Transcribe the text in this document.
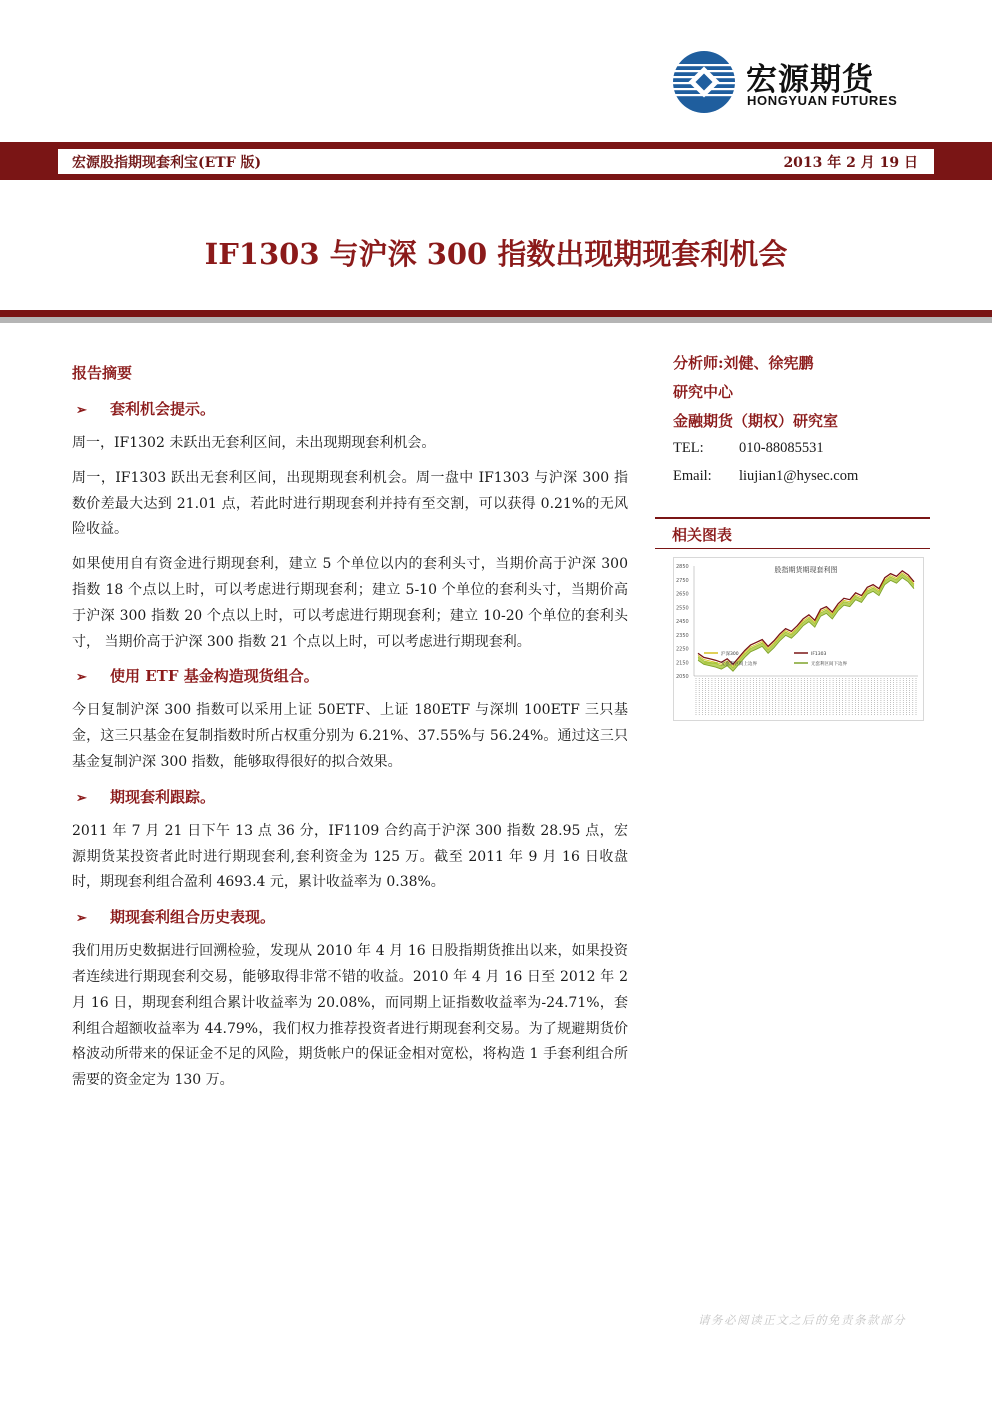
宏源期货
HONGYUAN FUTURES
宏源股指期现套利宝(ETF 版)	2013 年 2 月 19 日
IF1303 与沪深 300 指数出现期现套利机会
报告摘要
➢ 套利机会提示。

周一，IF1302 未跃出无套利区间，未出现期现套利机会。

周一，IF1303 跃出无套利区间，出现期现套利机会。周一盘中 IF1303 与沪深 300 指数价差最大达到 21.01 点，若此时进行期现套利并持有至交割，可以获得 0.21%的无风险收益。

如果使用自有资金进行期现套利，建立 5 个单位以内的套利头寸，当期价高于沪深 300 指数 18 个点以上时，可以考虑进行期现套利；建立 5-10 个单位的套利头寸，当期价高于沪深 300 指数 20 个点以上时，可以考虑进行期现套利；建立 10-20 个单位的套利头寸， 当期价高于沪深 300 指数 21 个点以上时，可以考虑进行期现套利。

➢ 使用 ETF 基金构造现货组合。

今日复制沪深 300 指数可以采用上证 50ETF、上证 180ETF 与深圳 100ETF 三只基金，这三只基金在复制指数时所占权重分别为 6.21%、37.55%与 56.24%。通过这三只基金复制沪深 300 指数，能够取得很好的拟合效果。

➢ 期现套利跟踪。

2011 年 7 月 21 日下午 13 点 36 分，IF1109 合约高于沪深 300 指数 28.95 点，宏源期货某投资者此时进行期现套利,套利资金为 125 万。截至 2011 年 9 月 16 日收盘时，期现套利组合盈利 4693.4 元，累计收益率为 0.38%。

➢ 期现套利组合历史表现。

我们用历史数据进行回溯检验，发现从 2010 年 4 月 16 日股指期货推出以来，如果投资者连续进行期现套利交易，能够取得非常不错的收益。2010 年 4 月 16 日至 2012 年 2 月 16 日，期现套利组合累计收益率为 20.08%，而同期上证指数收益率为-24.71%，套利组合超额收益率为 44.79%，我们权力推荐投资者进行期现套利交易。为了规避期货价格波动所带来的保证金不足的风险，期货帐户的保证金相对宽松，将构造 1 手套利组合所需要的资金定为 130 万。

分析师:刘健、徐宪鹏
研究中心
金融期货（期权）研究室
TEL: 010-88085531
Email: liujian1@hysec.com
相关图表
股指期货期现套利图
2050
2150
2250
2350
2450
2550
2650
2750
2850
沪深300	IF1303
无套利区间上边界	无套利区间下边界
请务必阅读正文之后的免责条款部分
